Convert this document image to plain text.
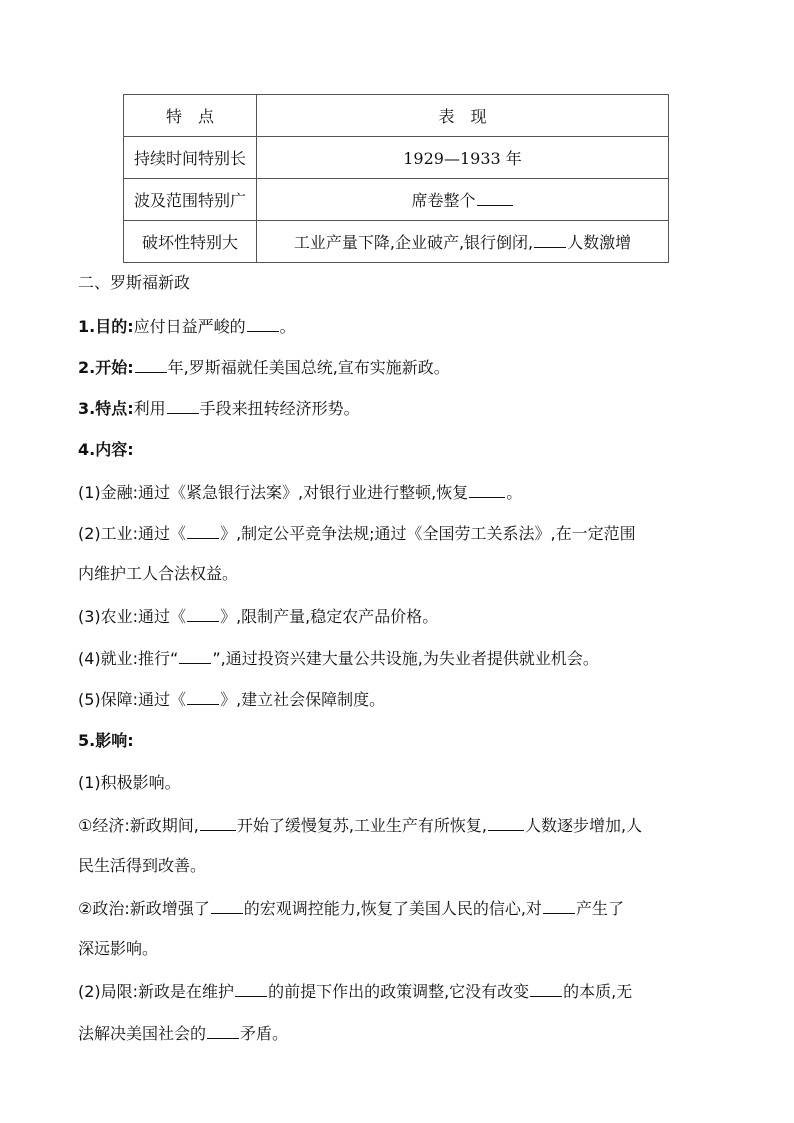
特　点	表　现
持续时间特别长	1929—1933 年
波及范围特别广	席卷整个
破坏性特别大	工业产量下降,企业破产,银行倒闭, 人数激增
二、罗斯福新政
1.目的:应付日益严峻的 。
2.开始: 年,罗斯福就任美国总统,宣布实施新政。
3.特点:利用 手段来扭转经济形势。
4.内容:
(1)金融:通过《紧急银行法案》,对银行业进行整顿,恢复 。
(2)工业:通过《 》,制定公平竞争法规;通过《全国劳工关系法》,在一定范围
内维护工人合法权益。
(3)农业:通过《 》,限制产量,稳定农产品价格。
(4)就业:推行“ ”,通过投资兴建大量公共设施,为失业者提供就业机会。
(5)保障:通过《 》,建立社会保障制度。
5.影响:
(1)积极影响。
①经济:新政期间, 开始了缓慢复苏,工业生产有所恢复, 人数逐步增加,人
民生活得到改善。
②政治:新政增强了 的宏观调控能力,恢复了美国人民的信心,对 产生了
深远影响。
(2)局限:新政是在维护 的前提下作出的政策调整,它没有改变 的本质,无
法解决美国社会的 矛盾。
